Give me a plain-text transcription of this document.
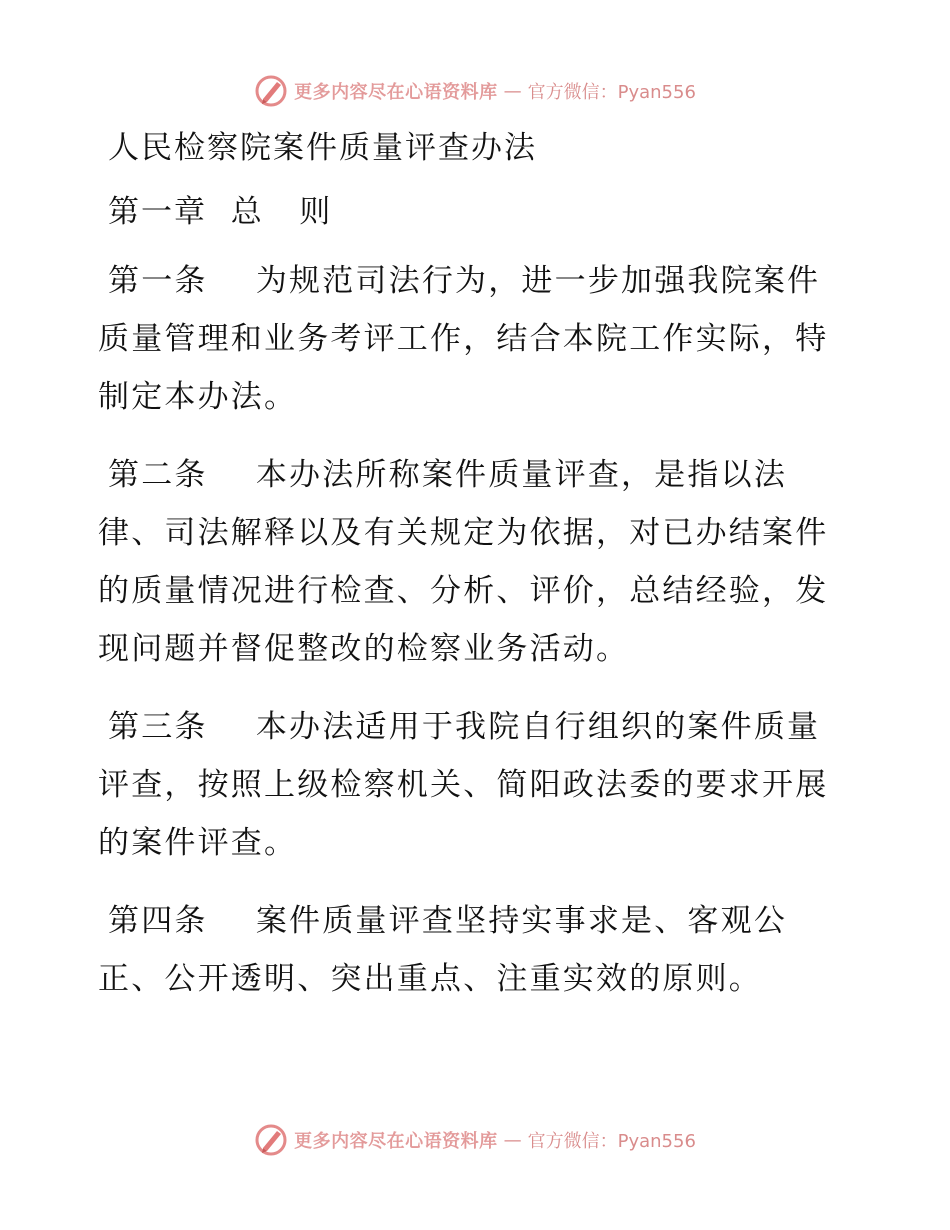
更多内容尽在心语资料库 — 官方微信：Pyan556
人民检察院案件质量评查办法
第一章  总   则
第一条 为规范司法行为，进一步加强我院案件
质量管理和业务考评工作，结合本院工作实际，特
制定本办法。
第二条 本办法所称案件质量评查，是指以法
律、司法解释以及有关规定为依据，对已办结案件
的质量情况进行检查、分析、评价，总结经验，发
现问题并督促整改的检察业务活动。
第三条 本办法适用于我院自行组织的案件质量
评查，按照上级检察机关、简阳政法委的要求开展
的案件评查。
第四条 案件质量评查坚持实事求是、客观公
正、公开透明、突出重点、注重实效的原则。
更多内容尽在心语资料库 — 官方微信：Pyan556
